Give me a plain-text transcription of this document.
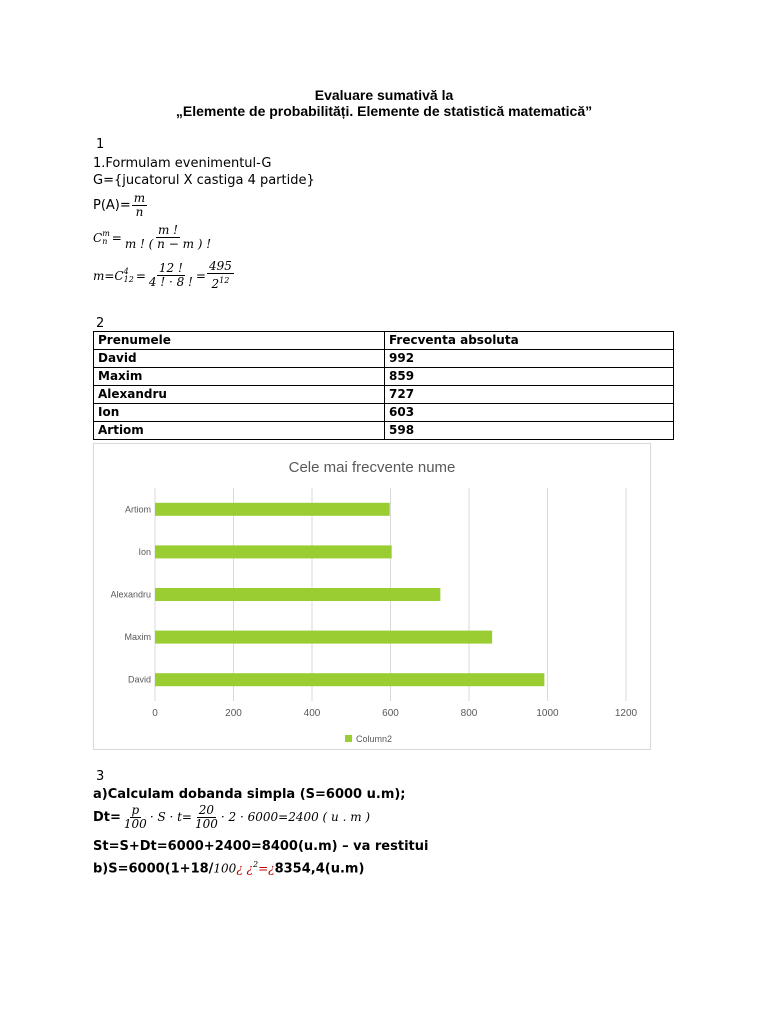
Evaluare sumativă la
„Elemente de probabilități. Elemente de statistică matematică”
1
1.Formulam evenimentul-G
G={jucatorul X castiga 4 partide}
$P(A)= \frac{m}{n}$
C m
$n = \frac{m !}{m ! ( n - m ) !}$
m=C 4
$12 = \frac{12 !}{4 ! \cdot 8 !} = \frac{495}{2^{12}}$
2
Prenumele	Frecventa absoluta
David	992
Maxim	859
Alexandru	727
Ion	603
Artiom	598
Cele mai frecvente nume
0	200	400	600	800	1000	1200
David
Maxim
Alexandru
Ion
Artiom
Column2
3
a)Calculam dobanda simpla (S=6000 u.m);
$Dt= \frac{p}{100} \cdot S \cdot t= \frac{20}{100} \cdot 2 \cdot 6000=2400$ ( u . m )
St=S+Dt=6000+2400=8400(u.m) – va restitui
b)S=6000(1+18/100¿ ¿$^2$=¿8354,4(u.m)
